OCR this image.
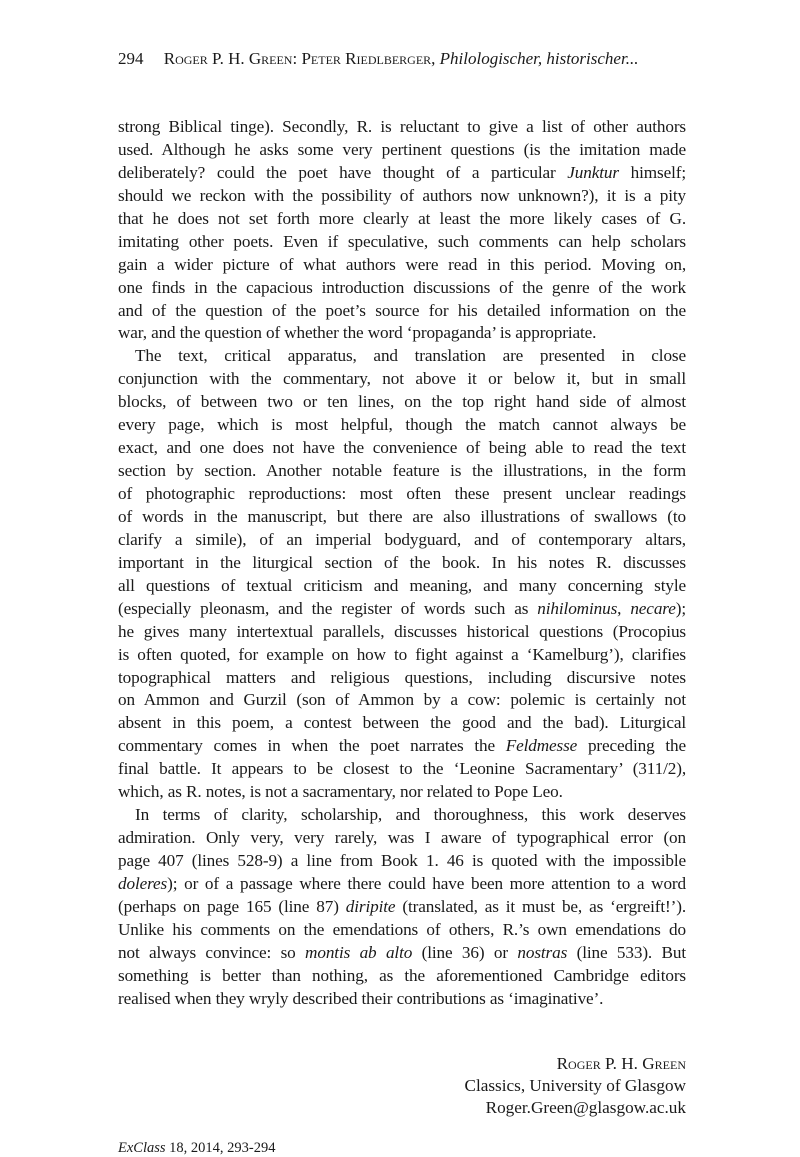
294 Roger P. H. Green: Peter Riedlberger, Philologischer, historischer...
strong Biblical tinge). Secondly, R. is reluctant to give a list of other authors
used. Although he asks some very pertinent questions (is the imitation made
deliberately? could the poet have thought of a particular Junktur himself;
should we reckon with the possibility of authors now unknown?), it is a pity
that he does not set forth more clearly at least the more likely cases of G.
imitating other poets. Even if speculative, such comments can help scholars
gain a wider picture of what authors were read in this period. Moving on,
one finds in the capacious introduction discussions of the genre of the work
and of the question of the poet’s source for his detailed information on the
war, and the question of whether the word ‘propaganda’ is appropriate.
The text, critical apparatus, and translation are presented in close
conjunction with the commentary, not above it or below it, but in small
blocks, of between two or ten lines, on the top right hand side of almost
every page, which is most helpful, though the match cannot always be
exact, and one does not have the convenience of being able to read the text
section by section. Another notable feature is the illustrations, in the form
of photographic reproductions: most often these present unclear readings
of words in the manuscript, but there are also illustrations of swallows (to
clarify a simile), of an imperial bodyguard, and of contemporary altars,
important in the liturgical section of the book. In his notes R. discusses
all questions of textual criticism and meaning, and many concerning style
(especially pleonasm, and the register of words such as nihilominus, necare);
he gives many intertextual parallels, discusses historical questions (Procopius
is often quoted, for example on how to fight against a ‘Kamelburg’), clarifies
topographical matters and religious questions, including discursive notes
on Ammon and Gurzil (son of Ammon by a cow: polemic is certainly not
absent in this poem, a contest between the good and the bad). Liturgical
commentary comes in when the poet narrates the Feldmesse preceding the
final battle. It appears to be closest to the ‘Leonine Sacramentary’ (311/2),
which, as R. notes, is not a sacramentary, nor related to Pope Leo.
In terms of clarity, scholarship, and thoroughness, this work deserves
admiration. Only very, very rarely, was I aware of typographical error (on
page 407 (lines 528-9) a line from Book 1. 46 is quoted with the impossible
doleres); or of a passage where there could have been more attention to a word
(perhaps on page 165 (line 87) diripite (translated, as it must be, as ‘ergreift!’).
Unlike his comments on the emendations of others, R.’s own emendations do
not always convince: so montis ab alto (line 36) or nostras (line 533). But
something is better than nothing, as the aforementioned Cambridge editors
realised when they wryly described their contributions as ‘imaginative’.
Roger P. H. Green
Classics, University of Glasgow
Roger.Green@glasgow.ac.uk
ExClass 18, 2014, 293-294
